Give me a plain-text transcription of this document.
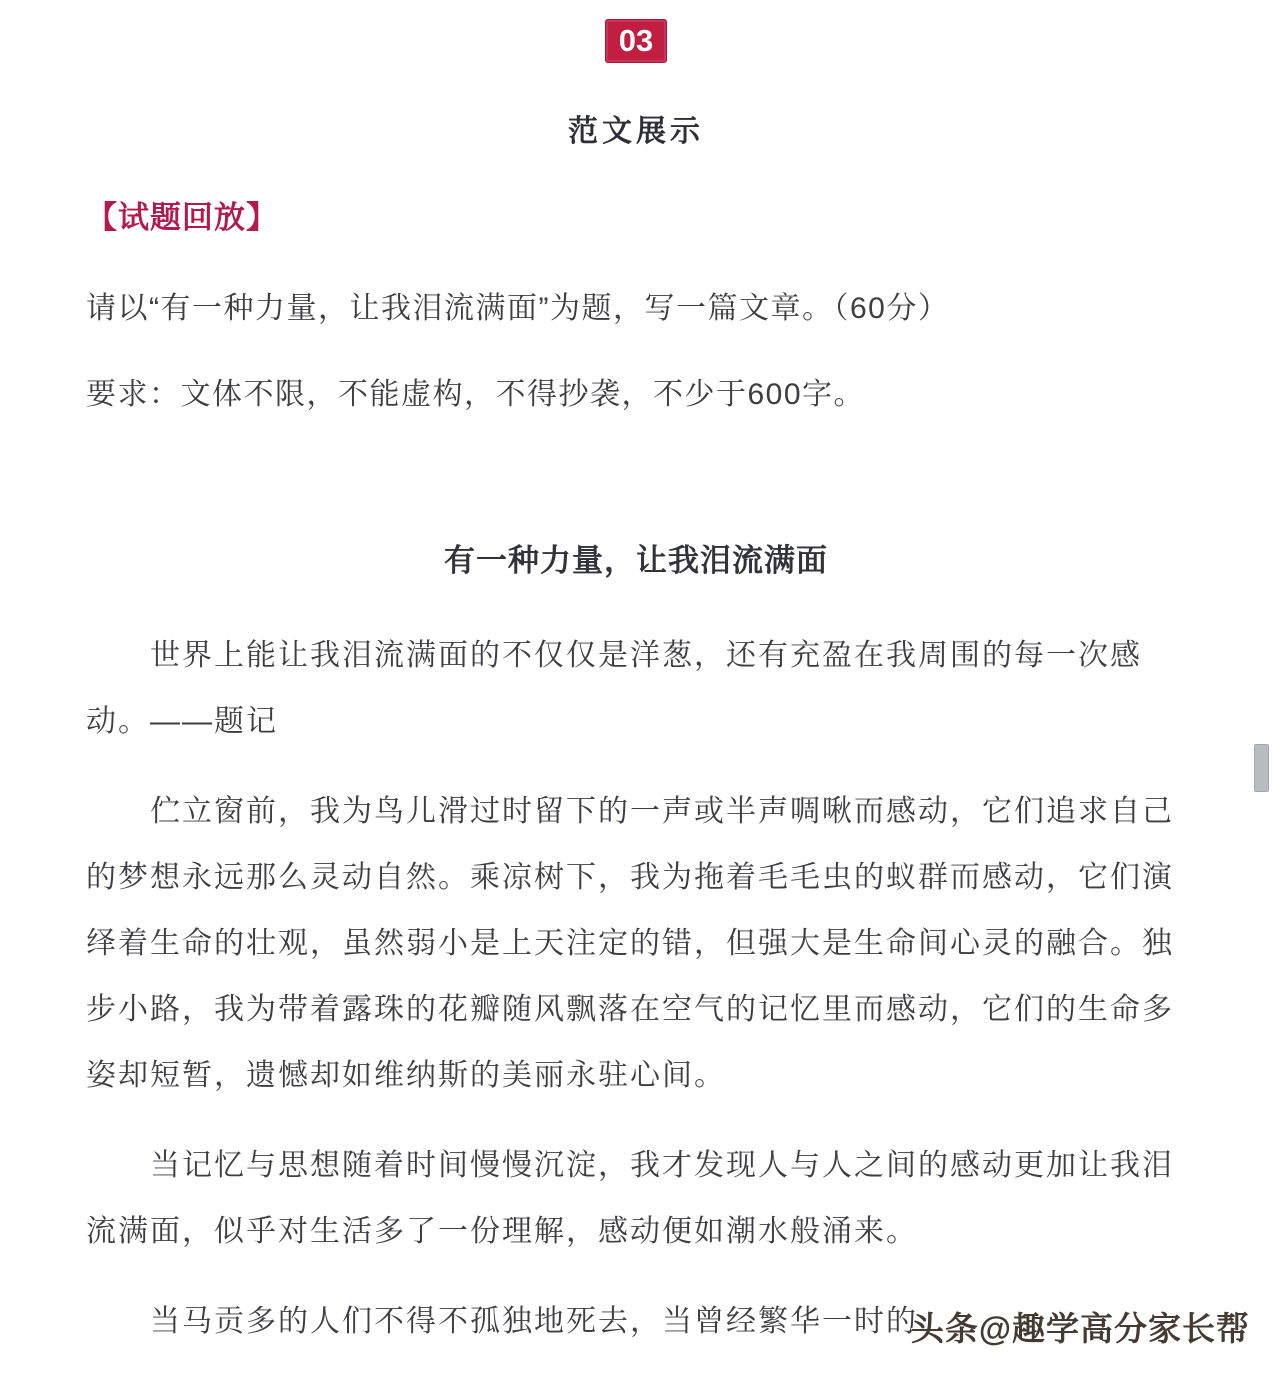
03
范文展示
【试题回放】
请以“有一种力量，让我泪流满面”为题，写一篇文章。（60分）
要求：文体不限，不能虚构，不得抄袭，不少于600字。
有一种力量，让我泪流满面
世界上能让我泪流满面的不仅仅是洋葱，还有充盈在我周围的每一次感
动。——题记
伫立窗前，我为鸟儿滑过时留下的一声或半声啁啾而感动，它们追求自己
的梦想永远那么灵动自然。乘凉树下，我为拖着毛毛虫的蚁群而感动，它们演
绎着生命的壮观，虽然弱小是上天注定的错，但强大是生命间心灵的融合。独
步小路，我为带着露珠的花瓣随风飘落在空气的记忆里而感动，它们的生命多
姿却短暂，遗憾却如维纳斯的美丽永驻心间。
当记忆与思想随着时间慢慢沉淀，我才发现人与人之间的感动更加让我泪
流满面，似乎对生活多了一份理解，感动便如潮水般涌来。
当马贡多的人们不得不孤独地死去，当曾经繁华一时的
头条@趣学高分家长帮
